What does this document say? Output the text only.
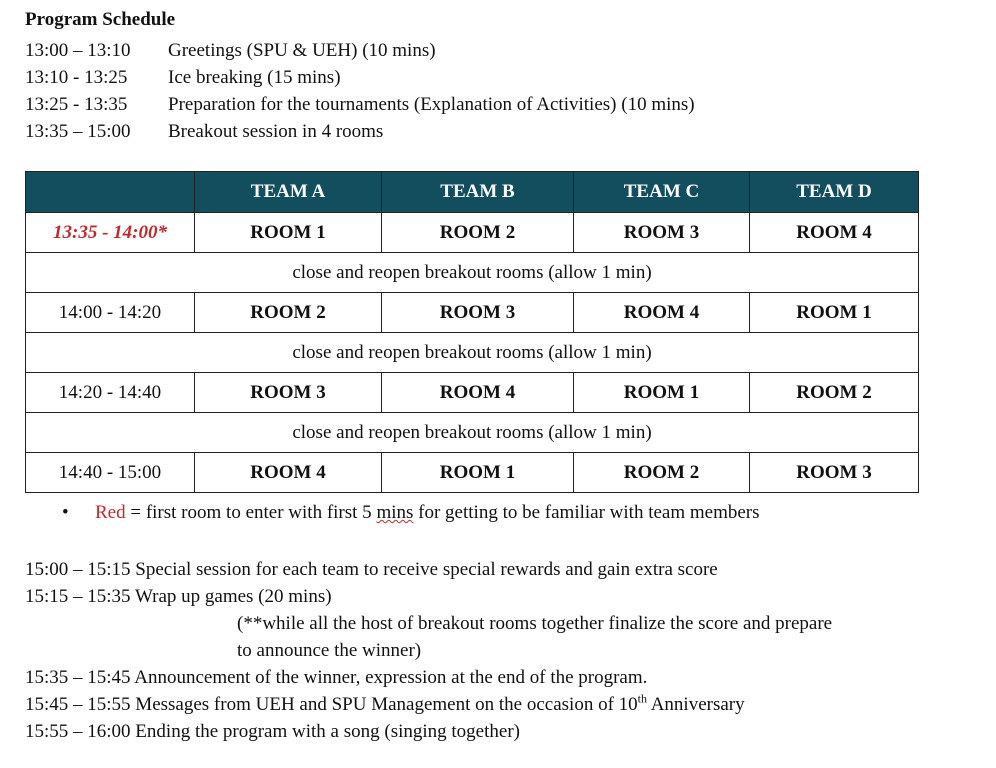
Program Schedule
13:00 – 13:10 Greetings (SPU & UEH) (10 mins)
13:10 - 13:25 Ice breaking (15 mins)
13:25 - 13:35 Preparation for the tournaments (Explanation of Activities) (10 mins)
13:35 – 15:00 Breakout session in 4 rooms
	TEAM A	TEAM B	TEAM C	TEAM D
13:35 - 14:00*	ROOM 1	ROOM 2	ROOM 3	ROOM 4
close and reopen breakout rooms (allow 1 min)				
14:00 - 14:20	ROOM 2	ROOM 3	ROOM 4	ROOM 1
close and reopen breakout rooms (allow 1 min)				
14:20 - 14:40	ROOM 3	ROOM 4	ROOM 1	ROOM 2
close and reopen breakout rooms (allow 1 min)				
14:40 - 15:00	ROOM 4	ROOM 1	ROOM 2	ROOM 3
• Red = first room to enter with first 5 mins for getting to be familiar with team members
15:00 – 15:15 Special session for each team to receive special rewards and gain extra score
15:15 – 15:35 Wrap up games (20 mins)
(**while all the host of breakout rooms together finalize the score and prepare
to announce the winner)
15:35 – 15:45 Announcement of the winner, expression at the end of the program.
15:45 – 15:55 Messages from UEH and SPU Management on the occasion of 10th Anniversary
15:55 – 16:00 Ending the program with a song (singing together)
